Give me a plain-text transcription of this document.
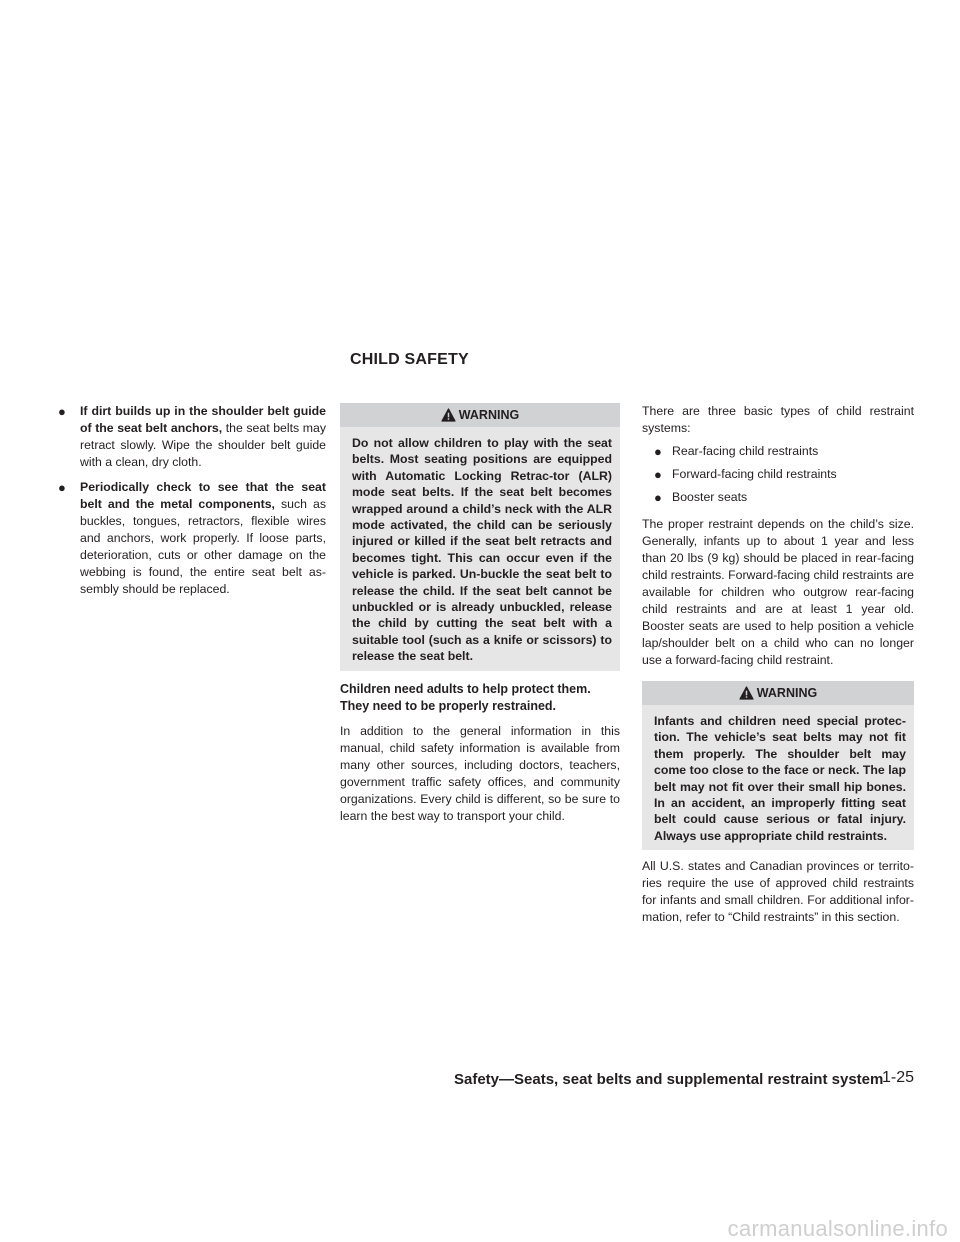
CHILD SAFETY
● If dirt builds up in the shoulder belt guide of the seat belt anchors, the seat belts may retract slowly. Wipe the shoulder belt guide with a clean, dry cloth.
● Periodically check to see that the seat belt and the metal components, such as buckles, tongues, retractors, flexible wires and anchors, work properly. If loose parts, deterioration, cuts or other damage on the webbing is found, the entire seat belt as-sembly should be replaced.
WARNING
Do not allow children to play with the seat belts. Most seating positions are equipped with Automatic Locking Retrac-tor (ALR) mode seat belts. If the seat belt becomes wrapped around a child’s neck with the ALR mode activated, the child can be seriously injured or killed if the seat belt retracts and becomes tight. This can occur even if the vehicle is parked. Un-buckle the seat belt to release the child. If the seat belt cannot be unbuckled or is already unbuckled, release the child by cutting the seat belt with a suitable tool (such as a knife or scissors) to release the seat belt.
Children need adults to help protect them. They need to be properly restrained.
In addition to the general information in this manual, child safety information is available from many other sources, including doctors, teachers, government traffic safety offices, and community organizations. Every child is different, so be sure to learn the best way to transport your child.
There are three basic types of child restraint systems:
● Rear-facing child restraints
● Forward-facing child restraints
● Booster seats
The proper restraint depends on the child’s size. Generally, infants up to about 1 year and less than 20 lbs (9 kg) should be placed in rear-facing child restraints. Forward-facing child restraints are available for children who outgrow rear-facing child restraints and are at least 1 year old. Booster seats are used to help position a vehicle lap/shoulder belt on a child who can no longer use a forward-facing child restraint.
WARNING
Infants and children need special protec-tion. The vehicle’s seat belts may not fit them properly. The shoulder belt may come too close to the face or neck. The lap belt may not fit over their small hip bones. In an accident, an improperly fitting seat belt could cause serious or fatal injury. Always use appropriate child restraints.
All U.S. states and Canadian provinces or territo-ries require the use of approved child restraints for infants and small children. For additional infor-mation, refer to “Child restraints” in this section.
Safety—Seats, seat belts and supplemental restraint system
1-25
carmanualsonline.info
